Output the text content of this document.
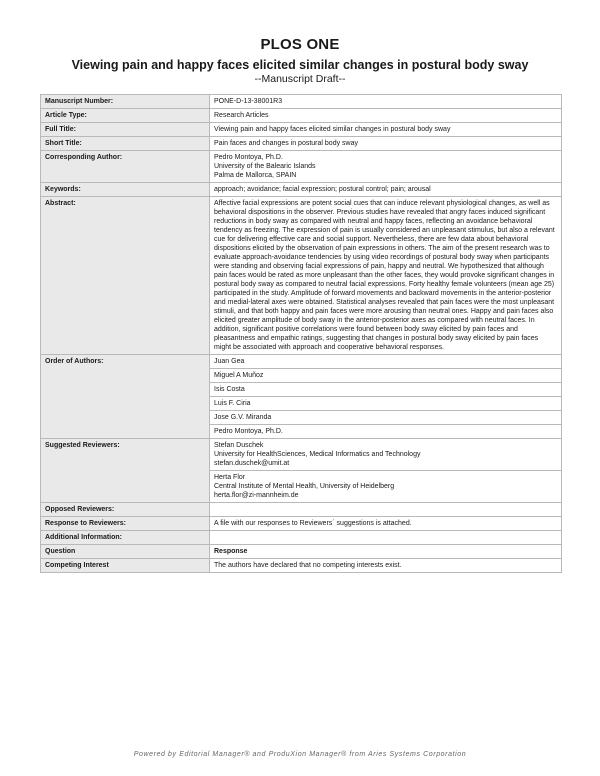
PLOS ONE
Viewing pain and happy faces elicited similar changes in postural body sway
--Manuscript Draft--
Manuscript Number:	PONE-D-13-38001R3
Article Type:	Research Articles
Full Title:	Viewing pain and happy faces elicited similar changes in postural body sway
Short Title:	Pain faces and changes in postural body sway
Corresponding Author:	Pedro Montoya, Ph.D.
University of the Balearic Islands
Palma de Mallorca, SPAIN

Keywords:	approach; avoidance; facial expression; postural control; pain; arousal
Abstract:	Affective facial expressions are potent social cues that can induce relevant physiological changes, as well as behavioral dispositions in the observer. Previous studies have revealed that angry faces induced significant reductions in body sway as compared with neutral and happy faces, reflecting an avoidance behavioral tendency as freezing. The expression of pain is usually considered an unpleasant stimulus, but also a relevant cue for delivering effective care and social support. Nevertheless, there are few data about behavioral dispositions elicited by the observation of pain expressions in others. The aim of the present research was to evaluate approach-avoidance tendencies by using video recordings of postural body sway when participants were standing and observing facial expressions of pain, happy and neutral. We hypothesized that although pain faces would be rated as more unpleasant than the other faces, they would provoke significant changes in postural body sway as compared to neutral facial expressions. Forty healthy female volunteers (mean age 25) participated in the study. Amplitude of forward movements and backward movements in the anterior-posterior and medial-lateral axes were obtained. Statistical analyses revealed that pain faces were the most unpleasant stimuli, and that both happy and pain faces were more arousing than neutral ones. Happy and pain faces also elicited greater amplitude of body sway in the anterior-posterior axes as compared with neutral faces. In addition, significant positive correlations were found between body sway elicited by pain faces and pleasantness and empathic ratings, suggesting that changes in postural body sway elicited by pain faces might be associated with approach and cooperative behavioral responses.
Order of Authors:	Juan Gea
	Miguel A Muñoz
	Isis Costa
	Luis F. Ciria
	Jose G.V. Miranda
	Pedro Montoya, Ph.D.
Suggested Reviewers:	Stefan Duschek
University for HealthSciences, Medical Informatics and Technology
stefan.duschek@umit.at

	Herta Flor
Central Institute of Mental Health, University of Heidelberg
herta.flor@zi-mannheim.de

Opposed Reviewers:	
Response to Reviewers:	A file with our responses to Reviewers´ suggestions is attached.
Additional Information:	
Question	Response
Competing Interest	The authors have declared that no competing interests exist.
Powered by Editorial Manager® and ProduXion Manager® from Aries Systems Corporation
